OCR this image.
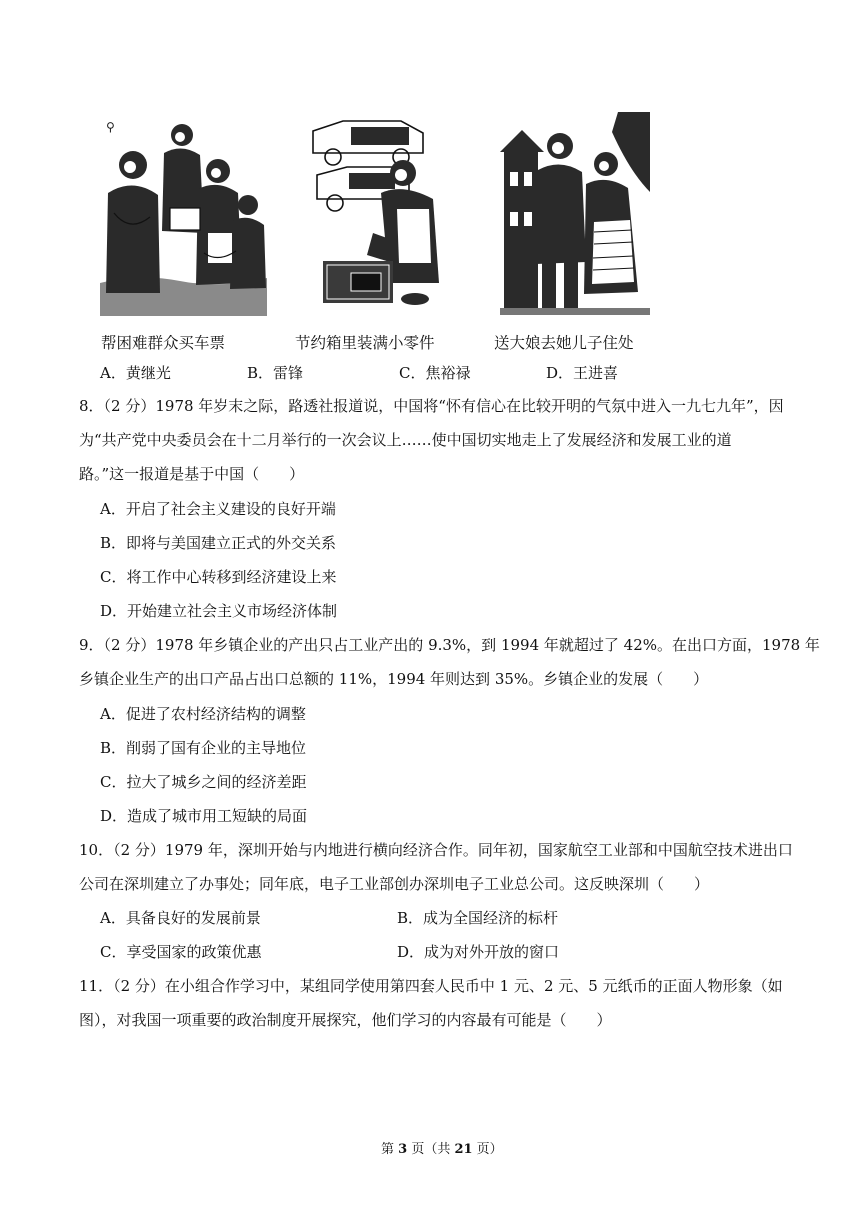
⚲
帮困难群众买车票	节约箱里装满小零件	送大娘去她儿子住处
A．黄继光	B．雷锋	C．焦裕禄	D．王进喜
8．（2 分）1978 年岁末之际，路透社报道说，中国将“怀有信心在比较开明的气氛中进入一九七九年”，因
为“共产党中央委员会在十二月举行的一次会议上……使中国切实地走上了发展经济和发展工业的道
路。”这一报道是基于中国（　　）
A．开启了社会主义建设的良好开端
B．即将与美国建立正式的外交关系
C．将工作中心转移到经济建设上来
D．开始建立社会主义市场经济体制
9．（2 分）1978 年乡镇企业的产出只占工业产出的 9.3%，到 1994 年就超过了 42%。在出口方面，1978 年
乡镇企业生产的出口产品占出口总额的 11%，1994 年则达到 35%。乡镇企业的发展（　　）
A．促进了农村经济结构的调整
B．削弱了国有企业的主导地位
C．拉大了城乡之间的经济差距
D．造成了城市用工短缺的局面
10．（2 分）1979 年，深圳开始与内地进行横向经济合作。同年初，国家航空工业部和中国航空技术进出口
公司在深圳建立了办事处；同年底，电子工业部创办深圳电子工业总公司。这反映深圳（　　）
A．具备良好的发展前景	B．成为全国经济的标杆
C．享受国家的政策优惠	D．成为对外开放的窗口
11．（2 分）在小组合作学习中，某组同学使用第四套人民币中 1 元、2 元、5 元纸币的正面人物形象（如
图），对我国一项重要的政治制度开展探究，他们学习的内容最有可能是（　　）
第 3 页（共 21 页）
